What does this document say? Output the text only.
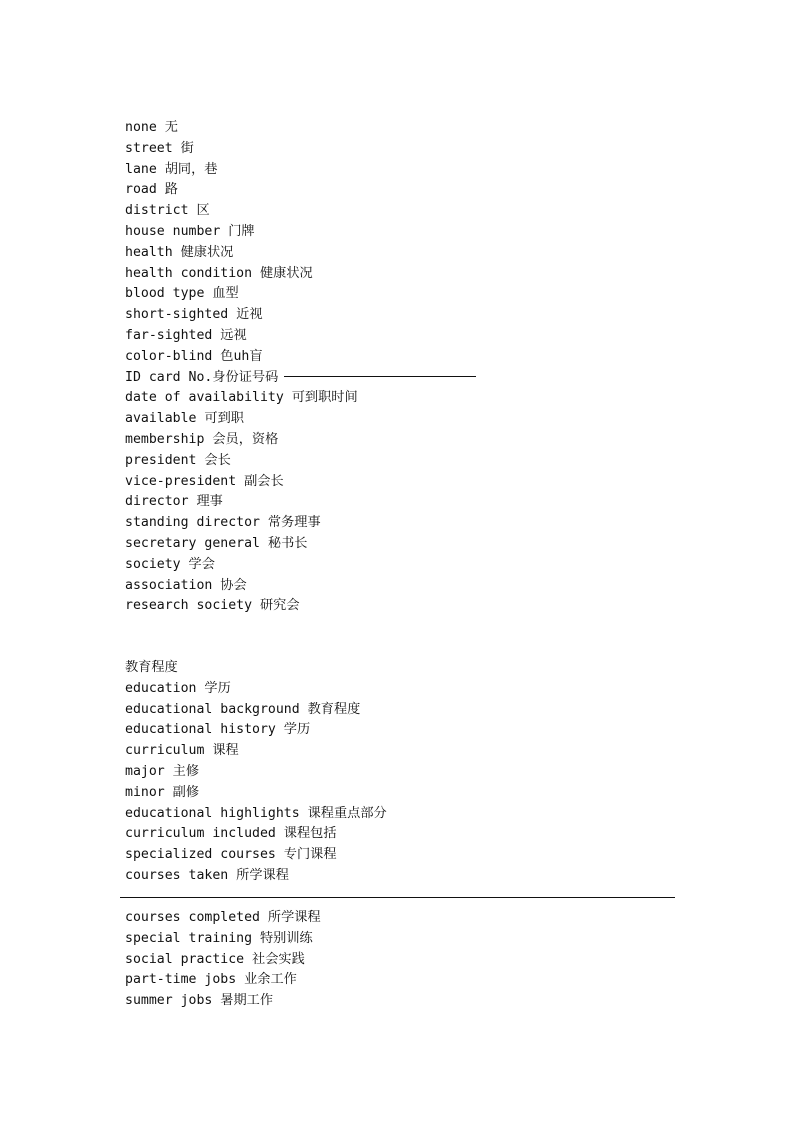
none 无
street 街
lane 胡同，巷
road 路
district 区
house number 门牌
health 健康状况
health condition 健康状况
blood type 血型
short-sighted 近视
far-sighted 远视
color-blind 色uh盲
ID card No.身份证号码
date of availability 可到职时间
available 可到职
membership 会员，资格
president 会长
vice-president 副会长
director 理事
standing director 常务理事
secretary general 秘书长
society 学会
association 协会
research society 研究会
教育程度
education 学历
educational background 教育程度
educational history 学历
curriculum 课程
major 主修
minor 副修
educational highlights 课程重点部分
curriculum included 课程包括
specialized courses 专门课程
courses taken 所学课程
courses completed 所学课程
special training 特别训练
social practice 社会实践
part-time jobs 业余工作
summer jobs 暑期工作
